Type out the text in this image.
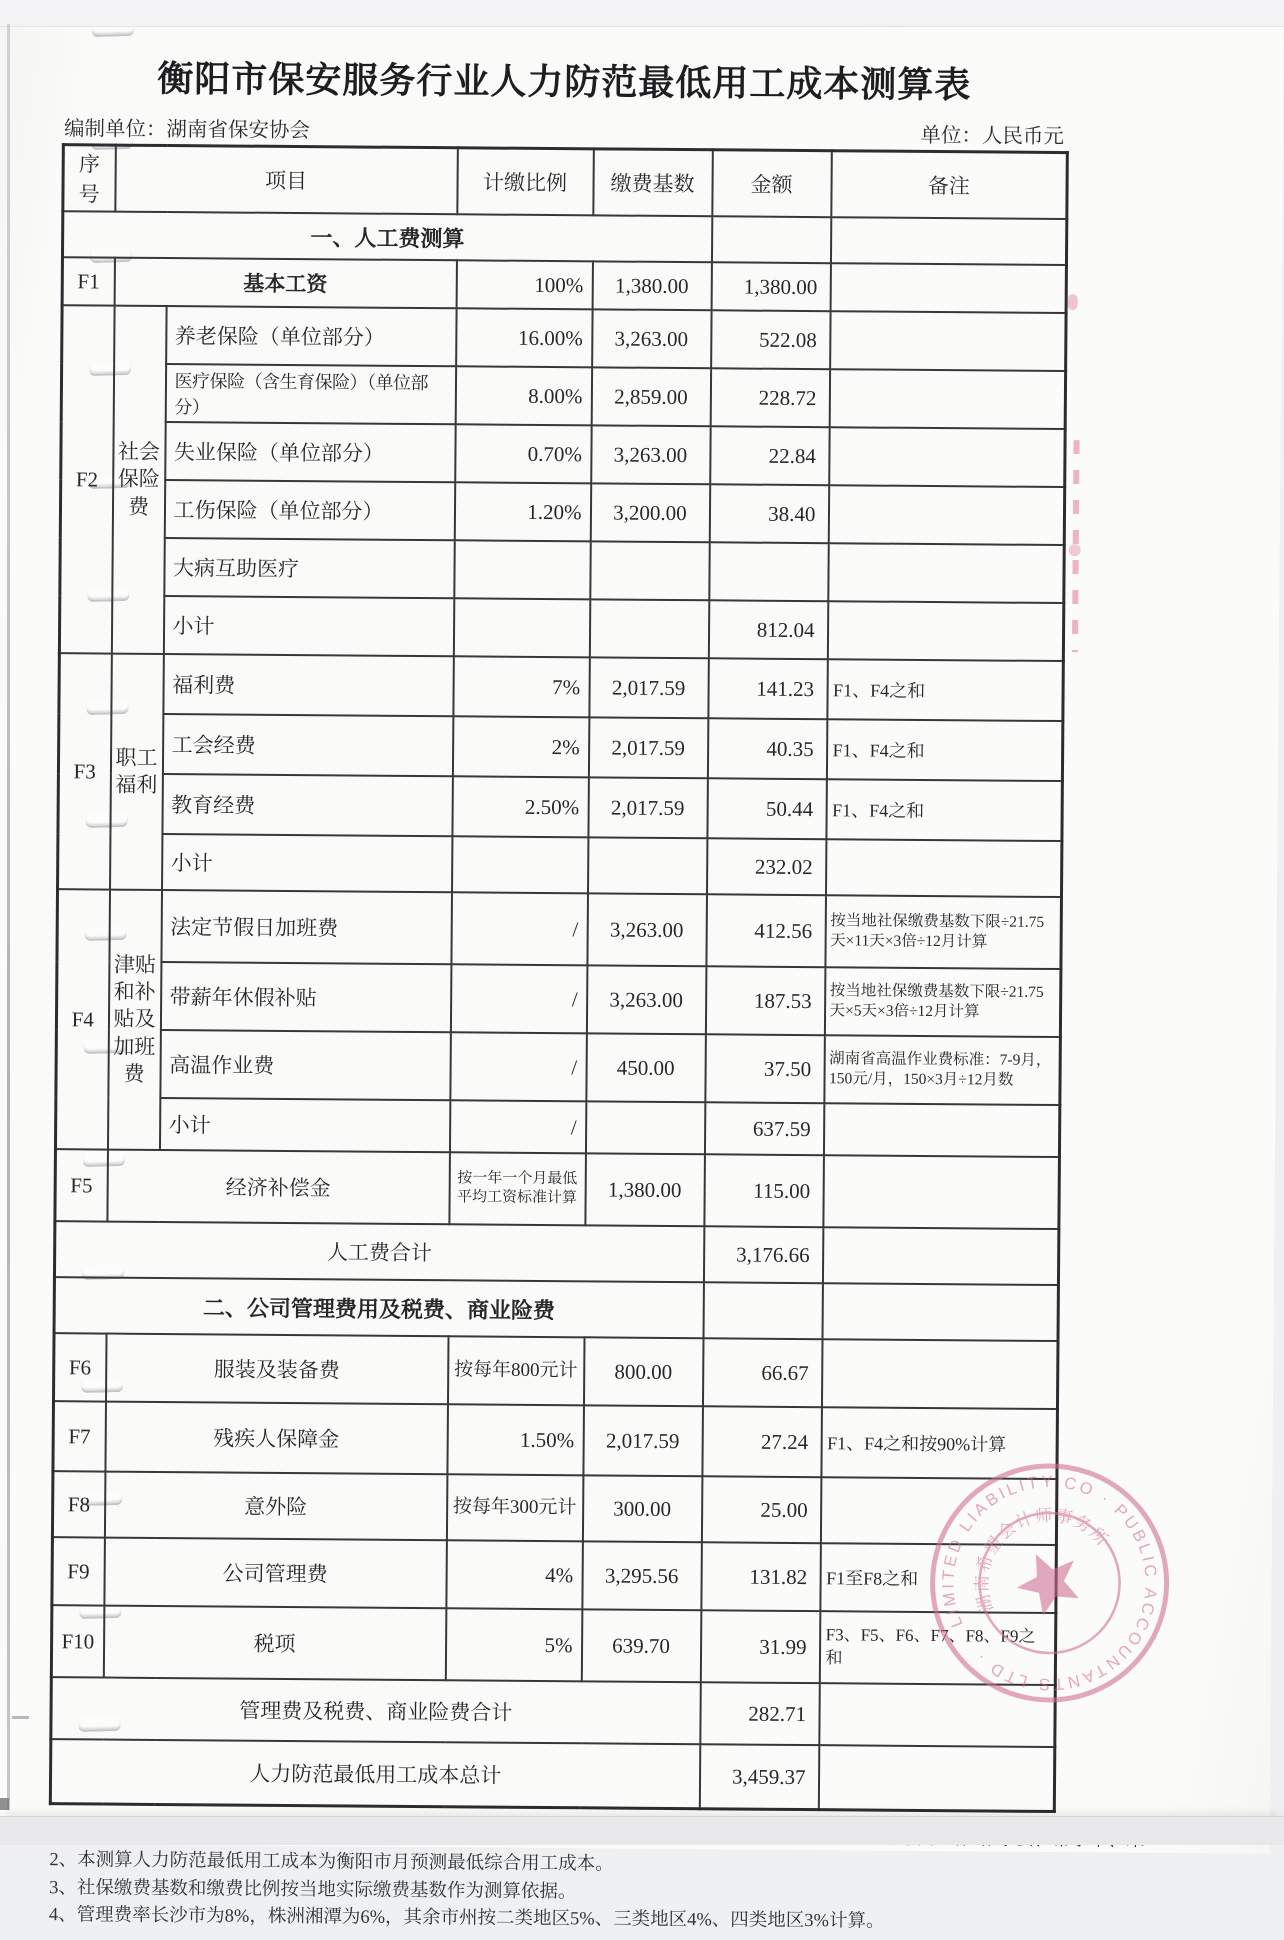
衡阳市保安服务行业人力防范最低用工成本测算表
编制单位：湖南省保安协会	单位：人民币元
序号	项目		计缴比例	缴费基数	金额	备注
一、人工费测算						
F1	基本工资		100%	1,380.00	1,380.00	
F2	社会保险费	养老保险（单位部分）	16.00%	3,263.00	522.08	
		医疗保险（含生育保险）（单位部分）	8.00%	2,859.00	228.72	
		失业保险（单位部分）	0.70%	3,263.00	22.84	
		工伤保险（单位部分）	1.20%	3,200.00	38.40	
		大病互助医疗				
		小计			812.04	
F3	职工福利	福利费	7%	2,017.59	141.23	F1、F4之和
		工会经费	2%	2,017.59	40.35	F1、F4之和
		教育经费	2.50%	2,017.59	50.44	F1、F4之和
		小计			232.02	
F4	津贴和补贴及加班费	法定节假日加班费	/	3,263.00	412.56	按当地社保缴费基数下限÷21.75天×11天×3倍÷12月计算
		带薪年休假补贴	/	3,263.00	187.53	按当地社保缴费基数下限÷21.75天×5天×3倍÷12月计算
		高温作业费	/	450.00	37.50	湖南省高温作业费标准：7-9月，150元/月，150×3月÷12月数
		小计	/		637.59	
F5	经济补偿金		按一年一个月最低平均工资标准计算	1,380.00	115.00	
人工费合计					3,176.66	
二、公司管理费用及税费、商业险费						
F6	服装及装备费		按每年800元计	800.00	66.67	
F7	残疾人保障金		1.50%	2,017.59	27.24	F1、F4之和按90%计算
F8	意外险		按每年300元计	300.00	25.00	
F9	公司管理费		4%	3,295.56	131.82	F1至F8之和
F10	税项		5%	639.70	31.99	F3、F5、F6、F7、F8、F9之和
管理费及税费、商业险费合计					282.71	
人力防范最低用工成本总计					3,459.37	
2、本测算人力防范最低用工成本为衡阳市月预测最低综合用工成本。
3、社保缴费基数和缴费比例按当地实际缴费基数作为测算依据。
4、管理费率长沙市为8%，株洲湘潭为6%，其余市州按二类地区5%、三类地区4%、四类地区3%计算。
LIMITED LIABILITY CO · PUBLIC ACCOUNTANTS LTD ·
湖南希望会计师事务所
